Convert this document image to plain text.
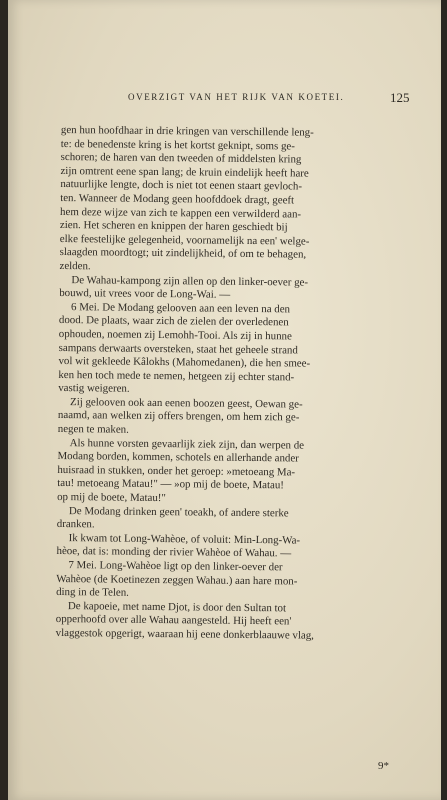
OVERZIGT VAN HET RIJK VAN KOETEI.	125
gen hun hoofdhaar in drie kringen van verschillende leng-
te: de benedenste kring is het kortst geknipt, soms ge-
schoren; de haren van den tweeden of middelsten kring
zijn omtrent eene span lang; de kruin eindelijk heeft hare
natuurlijke lengte, doch is niet tot eenen staart gevloch-
ten. Wanneer de Modang geen hoofddoek dragt, geeft
hem deze wijze van zich te kappen een verwilderd aan-
zien. Het scheren en knippen der haren geschiedt bij
elke feestelijke gelegenheid, voornamelijk na een' welge-
slaagden moordtogt; uit zindelijkheid, of om te behagen,
zelden.
De Wahau-kampong zijn allen op den linker-oever ge-
bouwd, uit vrees voor de Long-Wai. —
6 Mei. De Modang gelooven aan een leven na den
dood. De plaats, waar zich de zielen der overledenen
ophouden, noemen zij Lemohh-Tooi. Als zij in hunne
sampans derwaarts oversteken, staat het geheele strand
vol wit gekleede Kâlokhs (Mahomedanen), die hen smee-
ken hen toch mede te nemen, hetgeen zij echter stand-
vastig weigeren.
Zij gelooven ook aan eenen boozen geest, Oewan ge-
naamd, aan welken zij offers brengen, om hem zich ge-
negen te maken.
Als hunne vorsten gevaarlijk ziek zijn, dan werpen de
Modang borden, kommen, schotels en allerhande ander
huisraad in stukken, onder het geroep: »metoeang Ma-
tau! metoeang Matau!" — »op mij de boete, Matau!
op mij de boete, Matau!"
De Modang drinken geen' toeakh, of andere sterke
dranken.
Ik kwam tot Long-Wahèoe, of voluit: Min-Long-Wa-
hèoe, dat is: monding der rivier Wahèoe of Wahau. —
7 Mei. Long-Wahèoe ligt op den linker-oever der
Wahèoe (de Koetinezen zeggen Wahau.) aan hare mon-
ding in de Telen.
De kapoeie, met name Djot, is door den Sultan tot
opperhoofd over alle Wahau aangesteld. Hij heeft een'
vlaggestok opgerigt, waaraan hij eene donkerblaauwe vlag,
9*
